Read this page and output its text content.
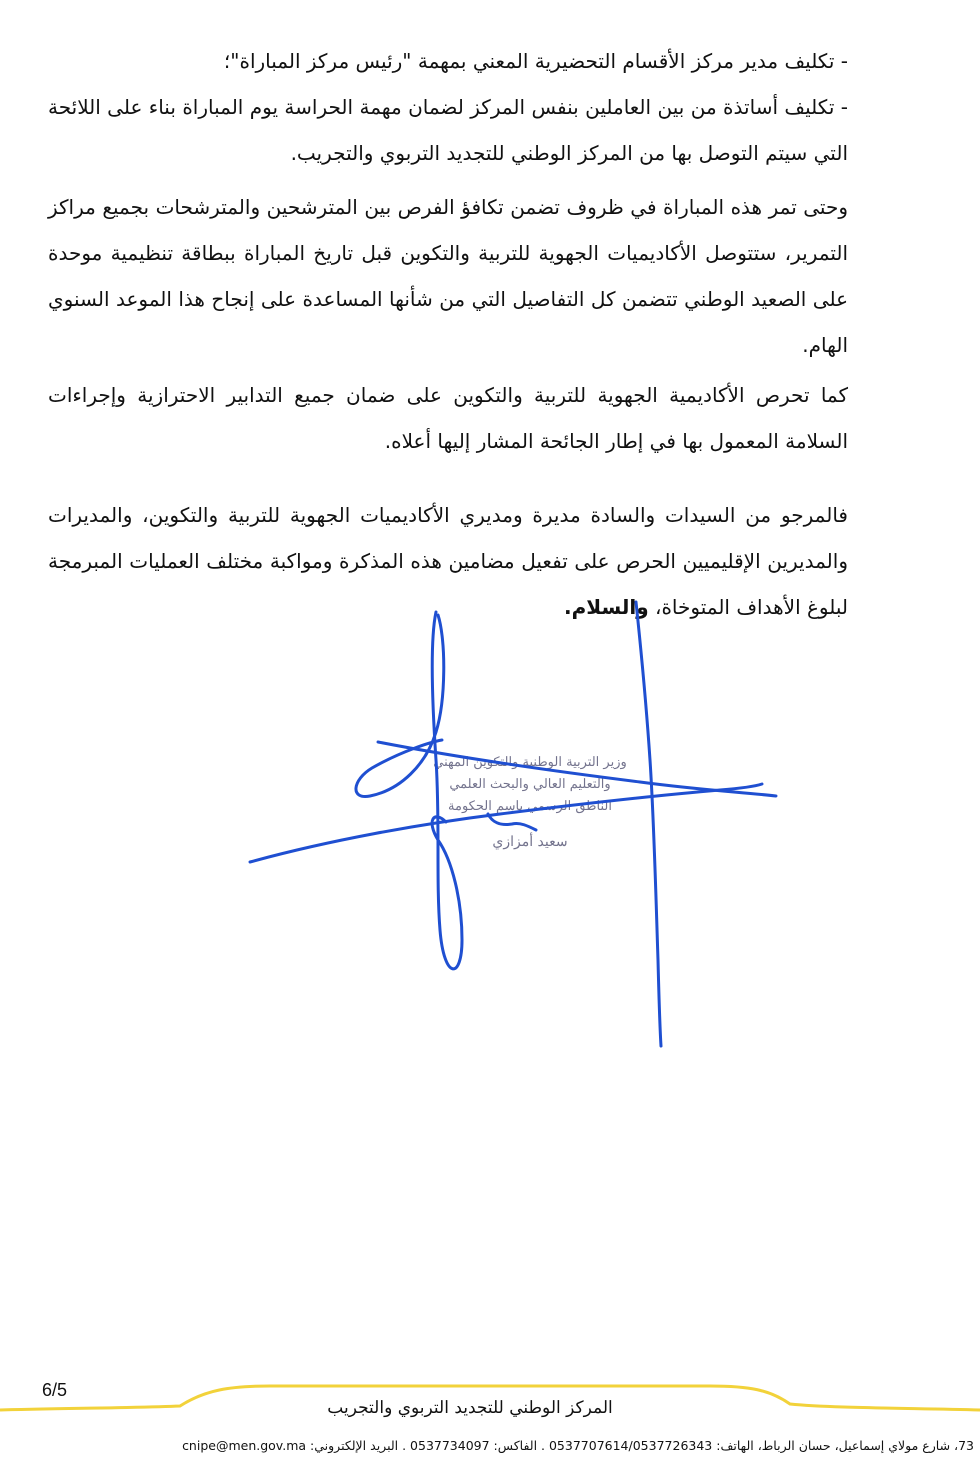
- تكليف مدير مركز الأقسام التحضيرية المعني بمهمة "رئيس مركز المباراة"؛

- تكليف أساتذة من بين العاملين بنفس المركز لضمان مهمة الحراسة يوم المباراة بناء على اللائحة التي سيتم التوصل بها من المركز الوطني للتجديد التربوي والتجريب.

وحتى تمر هذه المباراة في ظروف تضمن تكافؤ الفرص بين المترشحين والمترشحات بجميع مراكز التمرير، ستتوصل الأكاديميات الجهوية للتربية والتكوين قبل تاريخ المباراة ببطاقة تنظيمية موحدة على الصعيد الوطني تتضمن كل التفاصيل التي من شأنها المساعدة على إنجاح هذا الموعد السنوي الهام.

كما تحرص الأكاديمية الجهوية للتربية والتكوين على ضمان جميع التدابير الاحترازية وإجراءات السلامة المعمول بها في إطار الجائحة المشار إليها أعلاه.

فالمرجو من السيدات والسادة مديرة ومديري الأكاديميات الجهوية للتربية والتكوين، والمديرات والمديرين الإقليميين الحرص على تفعيل مضامين هذه المذكرة ومواكبة مختلف العمليات المبرمجة لبلوغ الأهداف المتوخاة، والسلام.

وزير التربية الوطنية والتكوين المهني
والتعليم العالي والبحث العلمي
الناطق الرسمي باسم الحكومة
سعيد أمزازي
6/5
المركز الوطني للتجديد التربوي والتجريب
73، شارع مولاي إسماعيل، حسان الرباط، الهاتف: 0537707614/0537726343 . الفاكس: 0537734097 . البريد الإلكتروني: cnipe@men.gov.ma
